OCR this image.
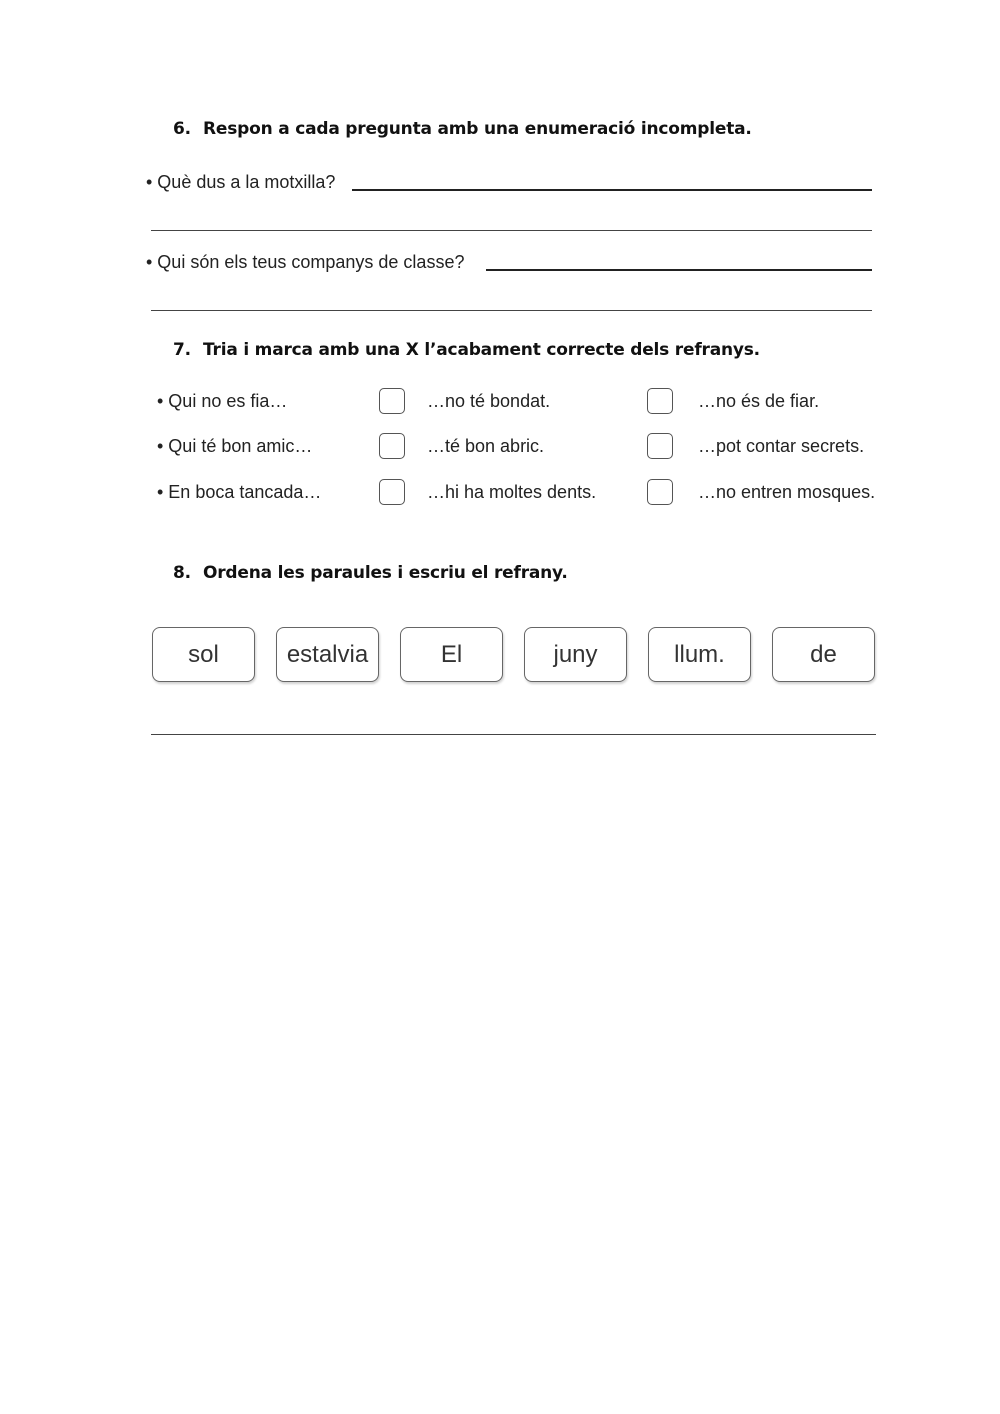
6. Respon a cada pregunta amb una enumeració incompleta.
• Què dus a la motxilla?
• Qui són els teus companys de classe?
7. Tria i marca amb una X l’acabament correcte dels refranys.
• Qui no es fia…	…no té bondat.	…no és de fiar.
• Qui té bon amic…	…té bon abric.	…pot contar secrets.
• En boca tancada…	…hi ha moltes dents.	…no entren mosques.
8. Ordena les paraules i escriu el refrany.
sol	estalvia	El	juny	llum.	de
